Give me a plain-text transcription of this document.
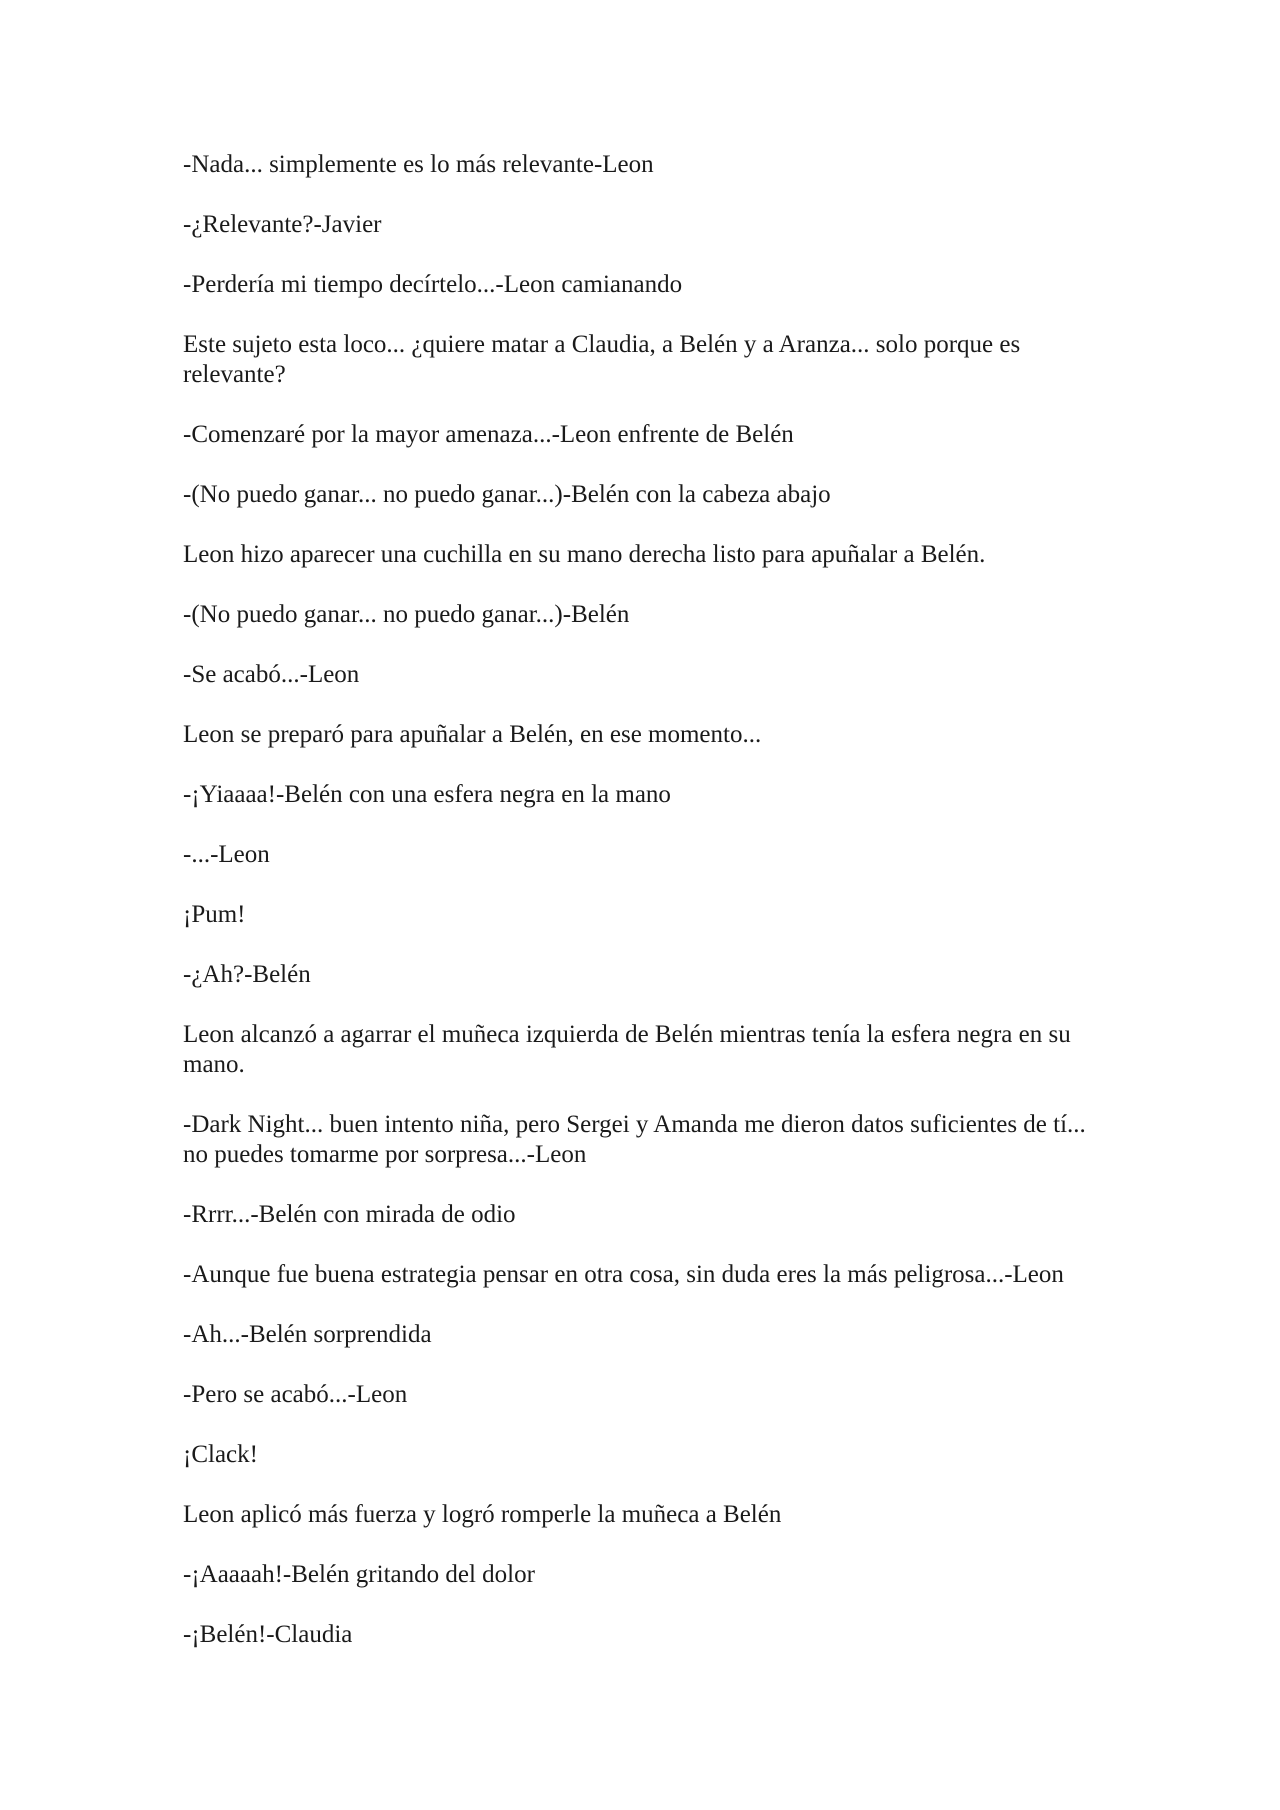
-Nada... simplemente es lo más relevante-Leon

-¿Relevante?-Javier

-Perdería mi tiempo decírtelo...-Leon camianando

Este sujeto esta loco... ¿quiere matar a Claudia, a Belén y a Aranza... solo porque es relevante?

-Comenzaré por la mayor amenaza...-Leon enfrente de Belén

-(No puedo ganar... no puedo ganar...)-Belén con la cabeza abajo

Leon hizo aparecer una cuchilla en su mano derecha listo para apuñalar a Belén.

-(No puedo ganar... no puedo ganar...)-Belén

-Se acabó...-Leon

Leon se preparó para apuñalar a Belén, en ese momento...

-¡Yiaaaa!-Belén con una esfera negra en la mano

-...-Leon

¡Pum!

-¿Ah?-Belén

Leon alcanzó a agarrar el muñeca izquierda de Belén mientras tenía la esfera negra en su mano.

-Dark Night... buen intento niña, pero Sergei y Amanda me dieron datos suficientes de tí... no puedes tomarme por sorpresa...-Leon

-Rrrr...-Belén con mirada de odio

-Aunque fue buena estrategia pensar en otra cosa, sin duda eres la más peligrosa...-Leon

-Ah...-Belén sorprendida

-Pero se acabó...-Leon

¡Clack!

Leon aplicó más fuerza y logró romperle la muñeca a Belén

-¡Aaaaah!-Belén gritando del dolor

-¡Belén!-Claudia
